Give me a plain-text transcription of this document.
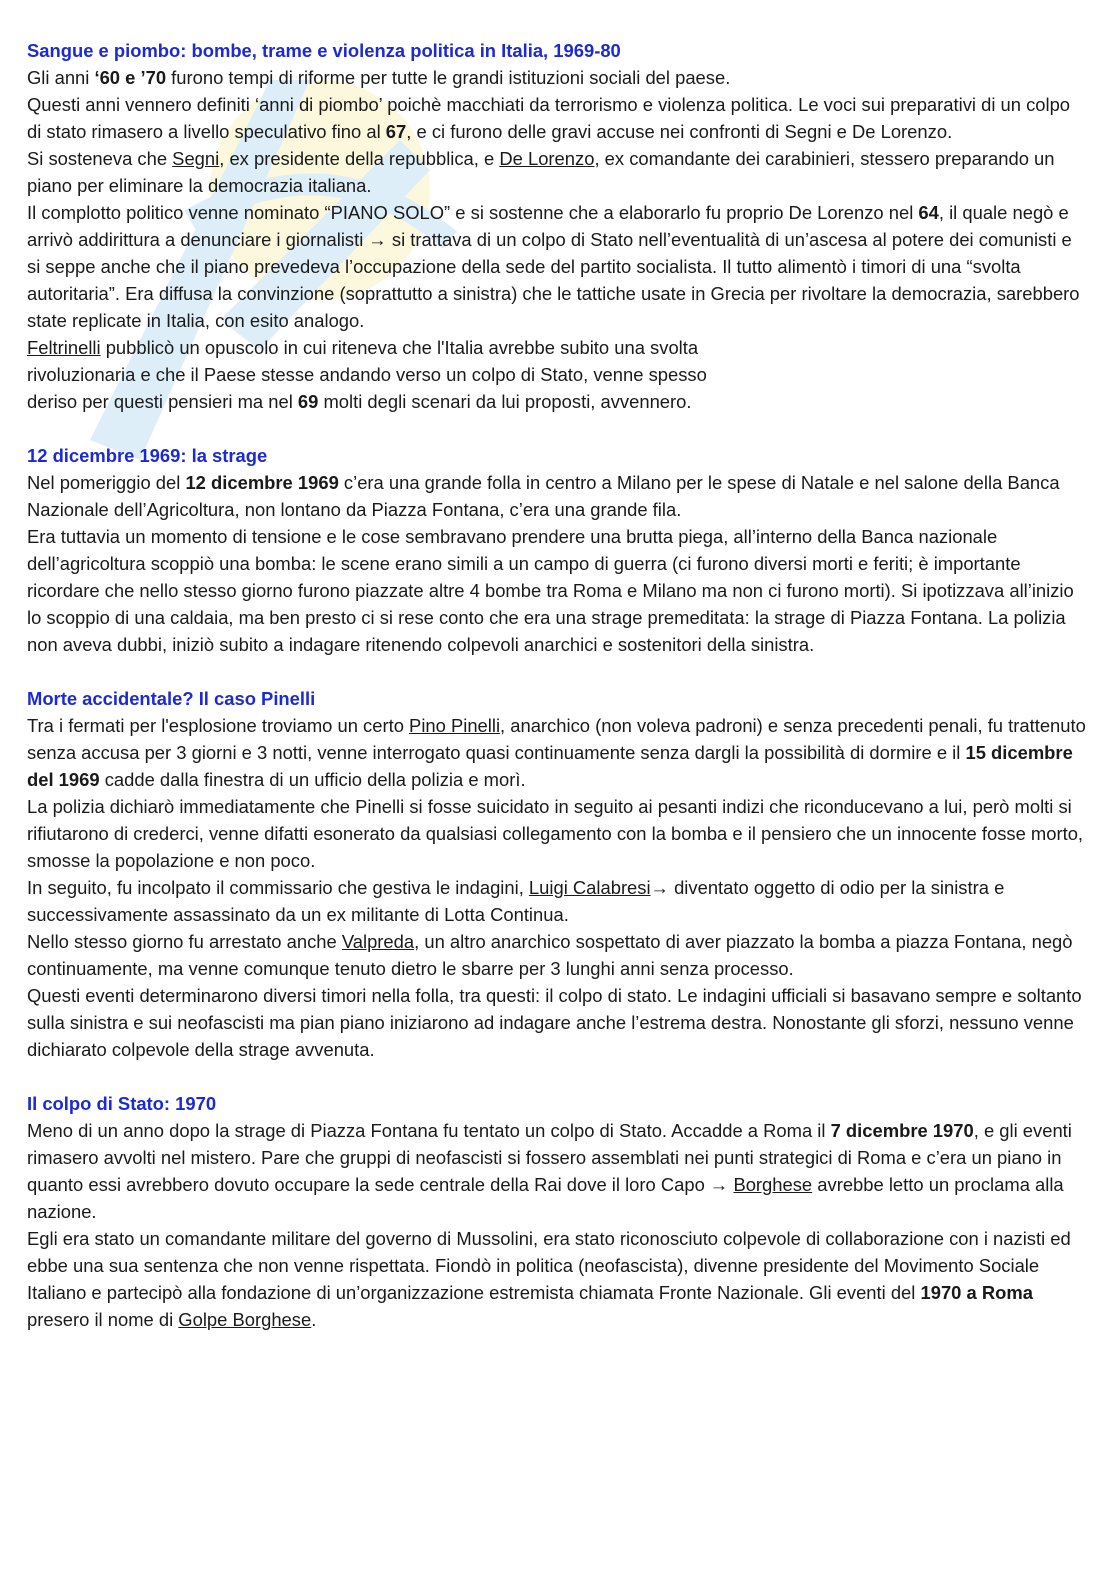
Sangue e piombo: bombe, trame e violenza politica in Italia, 1969-80

Gli anni ‘60 e ’70 furono tempi di riforme per tutte le grandi istituzioni sociali del paese.

Questi anni vennero definiti ‘anni di piombo’ poichè macchiati da terrorismo e violenza politica. Le voci sui preparativi di un colpo di stato rimasero a livello speculativo fino al 67, e ci furono delle gravi accuse nei confronti di Segni e De Lorenzo.

Si sosteneva che Segni, ex presidente della repubblica, e De Lorenzo, ex comandante dei carabinieri, stessero preparando un piano per eliminare la democrazia italiana.

Il complotto politico venne nominato “PIANO SOLO” e si sostenne che a elaborarlo fu proprio De Lorenzo nel 64, il quale negò e arrivò addirittura a denunciare i giornalisti → si trattava di un colpo di Stato nell’eventualità di un’ascesa al potere dei comunisti e si seppe anche che il piano prevedeva l’occupazione della sede del partito socialista. Il tutto alimentò i timori di una “svolta autoritaria”. Era diffusa la convinzione (soprattutto a sinistra) che le tattiche usate in Grecia per rivoltare la democrazia, sarebbero state replicate in Italia, con esito analogo.

Feltrinelli pubblicò un opuscolo in cui riteneva che l'Italia avrebbe subito una svolta
rivoluzionaria e che il Paese stesse andando verso un colpo di Stato, venne spesso
deriso per questi pensieri ma nel 69 molti degli scenari da lui proposti, avvennero.

12 dicembre 1969: la strage

Nel pomeriggio del 12 dicembre 1969 c’era una grande folla in centro a Milano per le spese di Natale e nel salone della Banca Nazionale dell’Agricoltura, non lontano da Piazza Fontana, c’era una grande fila.

Era tuttavia un momento di tensione e le cose sembravano prendere una brutta piega, all’interno della Banca nazionale dell’agricoltura scoppiò una bomba: le scene erano simili a un campo di guerra (ci furono diversi morti e feriti; è importante ricordare che nello stesso giorno furono piazzate altre 4 bombe tra Roma e Milano ma non ci furono morti). Si ipotizzava all’inizio lo scoppio di una caldaia, ma ben presto ci si rese conto che era una strage premeditata: la strage di Piazza Fontana. La polizia non aveva dubbi, iniziò subito a indagare ritenendo colpevoli anarchici e sostenitori della sinistra.

Morte accidentale? Il caso Pinelli

Tra i fermati per l'esplosione troviamo un certo Pino Pinelli, anarchico (non voleva padroni) e senza precedenti penali, fu trattenuto senza accusa per 3 giorni e 3 notti, venne interrogato quasi continuamente senza dargli la possibilità di dormire e il 15 dicembre del 1969 cadde dalla finestra di un ufficio della polizia e morì.

La polizia dichiarò immediatamente che Pinelli si fosse suicidato in seguito ai pesanti indizi che riconducevano a lui, però molti si rifiutarono di crederci, venne difatti esonerato da qualsiasi collegamento con la bomba e il pensiero che un innocente fosse morto, smosse la popolazione e non poco.

In seguito, fu incolpato il commissario che gestiva le indagini, Luigi Calabresi→ diventato oggetto di odio per la sinistra e successivamente assassinato da un ex militante di Lotta Continua.

Nello stesso giorno fu arrestato anche Valpreda, un altro anarchico sospettato di aver piazzato la bomba a piazza Fontana, negò continuamente, ma venne comunque tenuto dietro le sbarre per 3 lunghi anni senza processo.

Questi eventi determinarono diversi timori nella folla, tra questi: il colpo di stato. Le indagini ufficiali si basavano sempre e soltanto sulla sinistra e sui neofascisti ma pian piano iniziarono ad indagare anche l’estrema destra. Nonostante gli sforzi, nessuno venne dichiarato colpevole della strage avvenuta.

Il colpo di Stato: 1970

Meno di un anno dopo la strage di Piazza Fontana fu tentato un colpo di Stato. Accadde a Roma il 7 dicembre 1970, e gli eventi rimasero avvolti nel mistero. Pare che gruppi di neofascisti si fossero assemblati nei punti strategici di Roma e c’era un piano in quanto essi avrebbero dovuto occupare la sede centrale della Rai dove il loro Capo → Borghese avrebbe letto un proclama alla nazione.

Egli era stato un comandante militare del governo di Mussolini, era stato riconosciuto colpevole di collaborazione con i nazisti ed ebbe una sua sentenza che non venne rispettata. Fiondò in politica (neofascista), divenne presidente del Movimento Sociale Italiano e partecipò alla fondazione di un’organizzazione estremista chiamata Fronte Nazionale. Gli eventi del 1970 a Roma presero il nome di Golpe Borghese.
